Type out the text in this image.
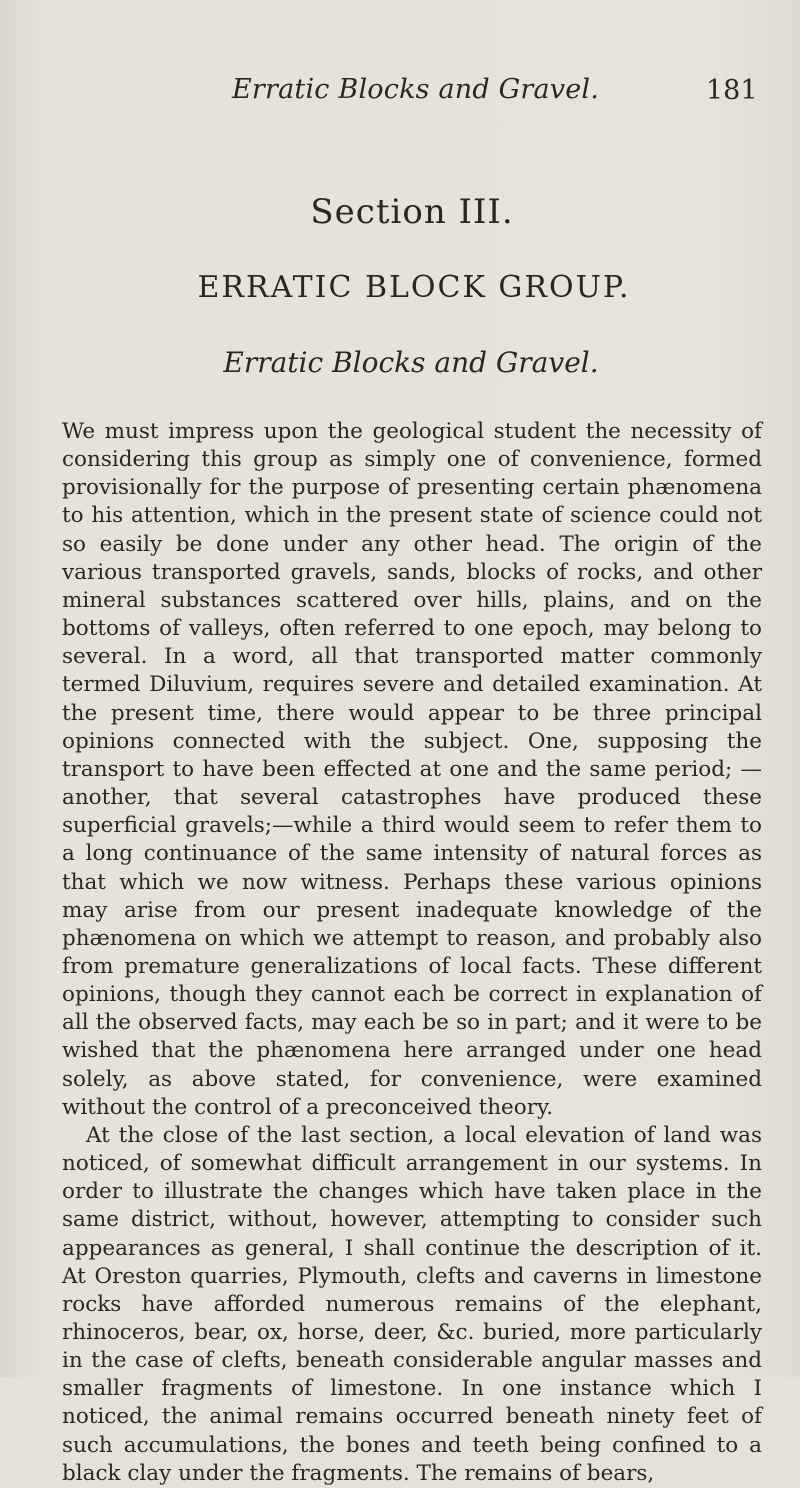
Erratic Blocks and Gravel.	181
Section III.
ERRATIC BLOCK GROUP.
Erratic Blocks and Gravel.

We must impress upon the geological student the necessity of considering this group as simply one of convenience, formed provisionally for the purpose of presenting certain phænomena to his attention, which in the present state of science could not so easily be done under any other head. The origin of the various transported gravels, sands, blocks of rocks, and other mineral substances scattered over hills, plains, and on the bottoms of valleys, often referred to one epoch, may belong to several. In a word, all that transported matter commonly termed Diluvium, requires severe and detailed examination. At the present time, there would appear to be three principal opinions connected with the subject. One, supposing the transport to have been effected at one and the same period; —another, that several catastrophes have produced these superficial gravels;—while a third would seem to refer them to a long continuance of the same intensity of natural forces as that which we now witness. Perhaps these various opinions may arise from our present inadequate knowledge of the phænomena on which we attempt to reason, and probably also from premature generalizations of local facts. These different opinions, though they cannot each be correct in explanation of all the observed facts, may each be so in part; and it were to be wished that the phænomena here arranged under one head solely, as above stated, for convenience, were examined without the control of a preconceived theory.

At the close of the last section, a local elevation of land was noticed, of somewhat difficult arrangement in our systems. In order to illustrate the changes which have taken place in the same district, without, however, attempting to consider such appearances as general, I shall continue the description of it. At Oreston quarries, Plymouth, clefts and caverns in limestone rocks have afforded numerous remains of the elephant, rhinoceros, bear, ox, horse, deer, &c. buried, more particularly in the case of clefts, beneath considerable angular masses and smaller fragments of limestone. In one instance which I noticed, the animal remains occurred beneath ninety feet of such accumulations, the bones and teeth being confined to a black clay under the fragments. The remains of bears,
